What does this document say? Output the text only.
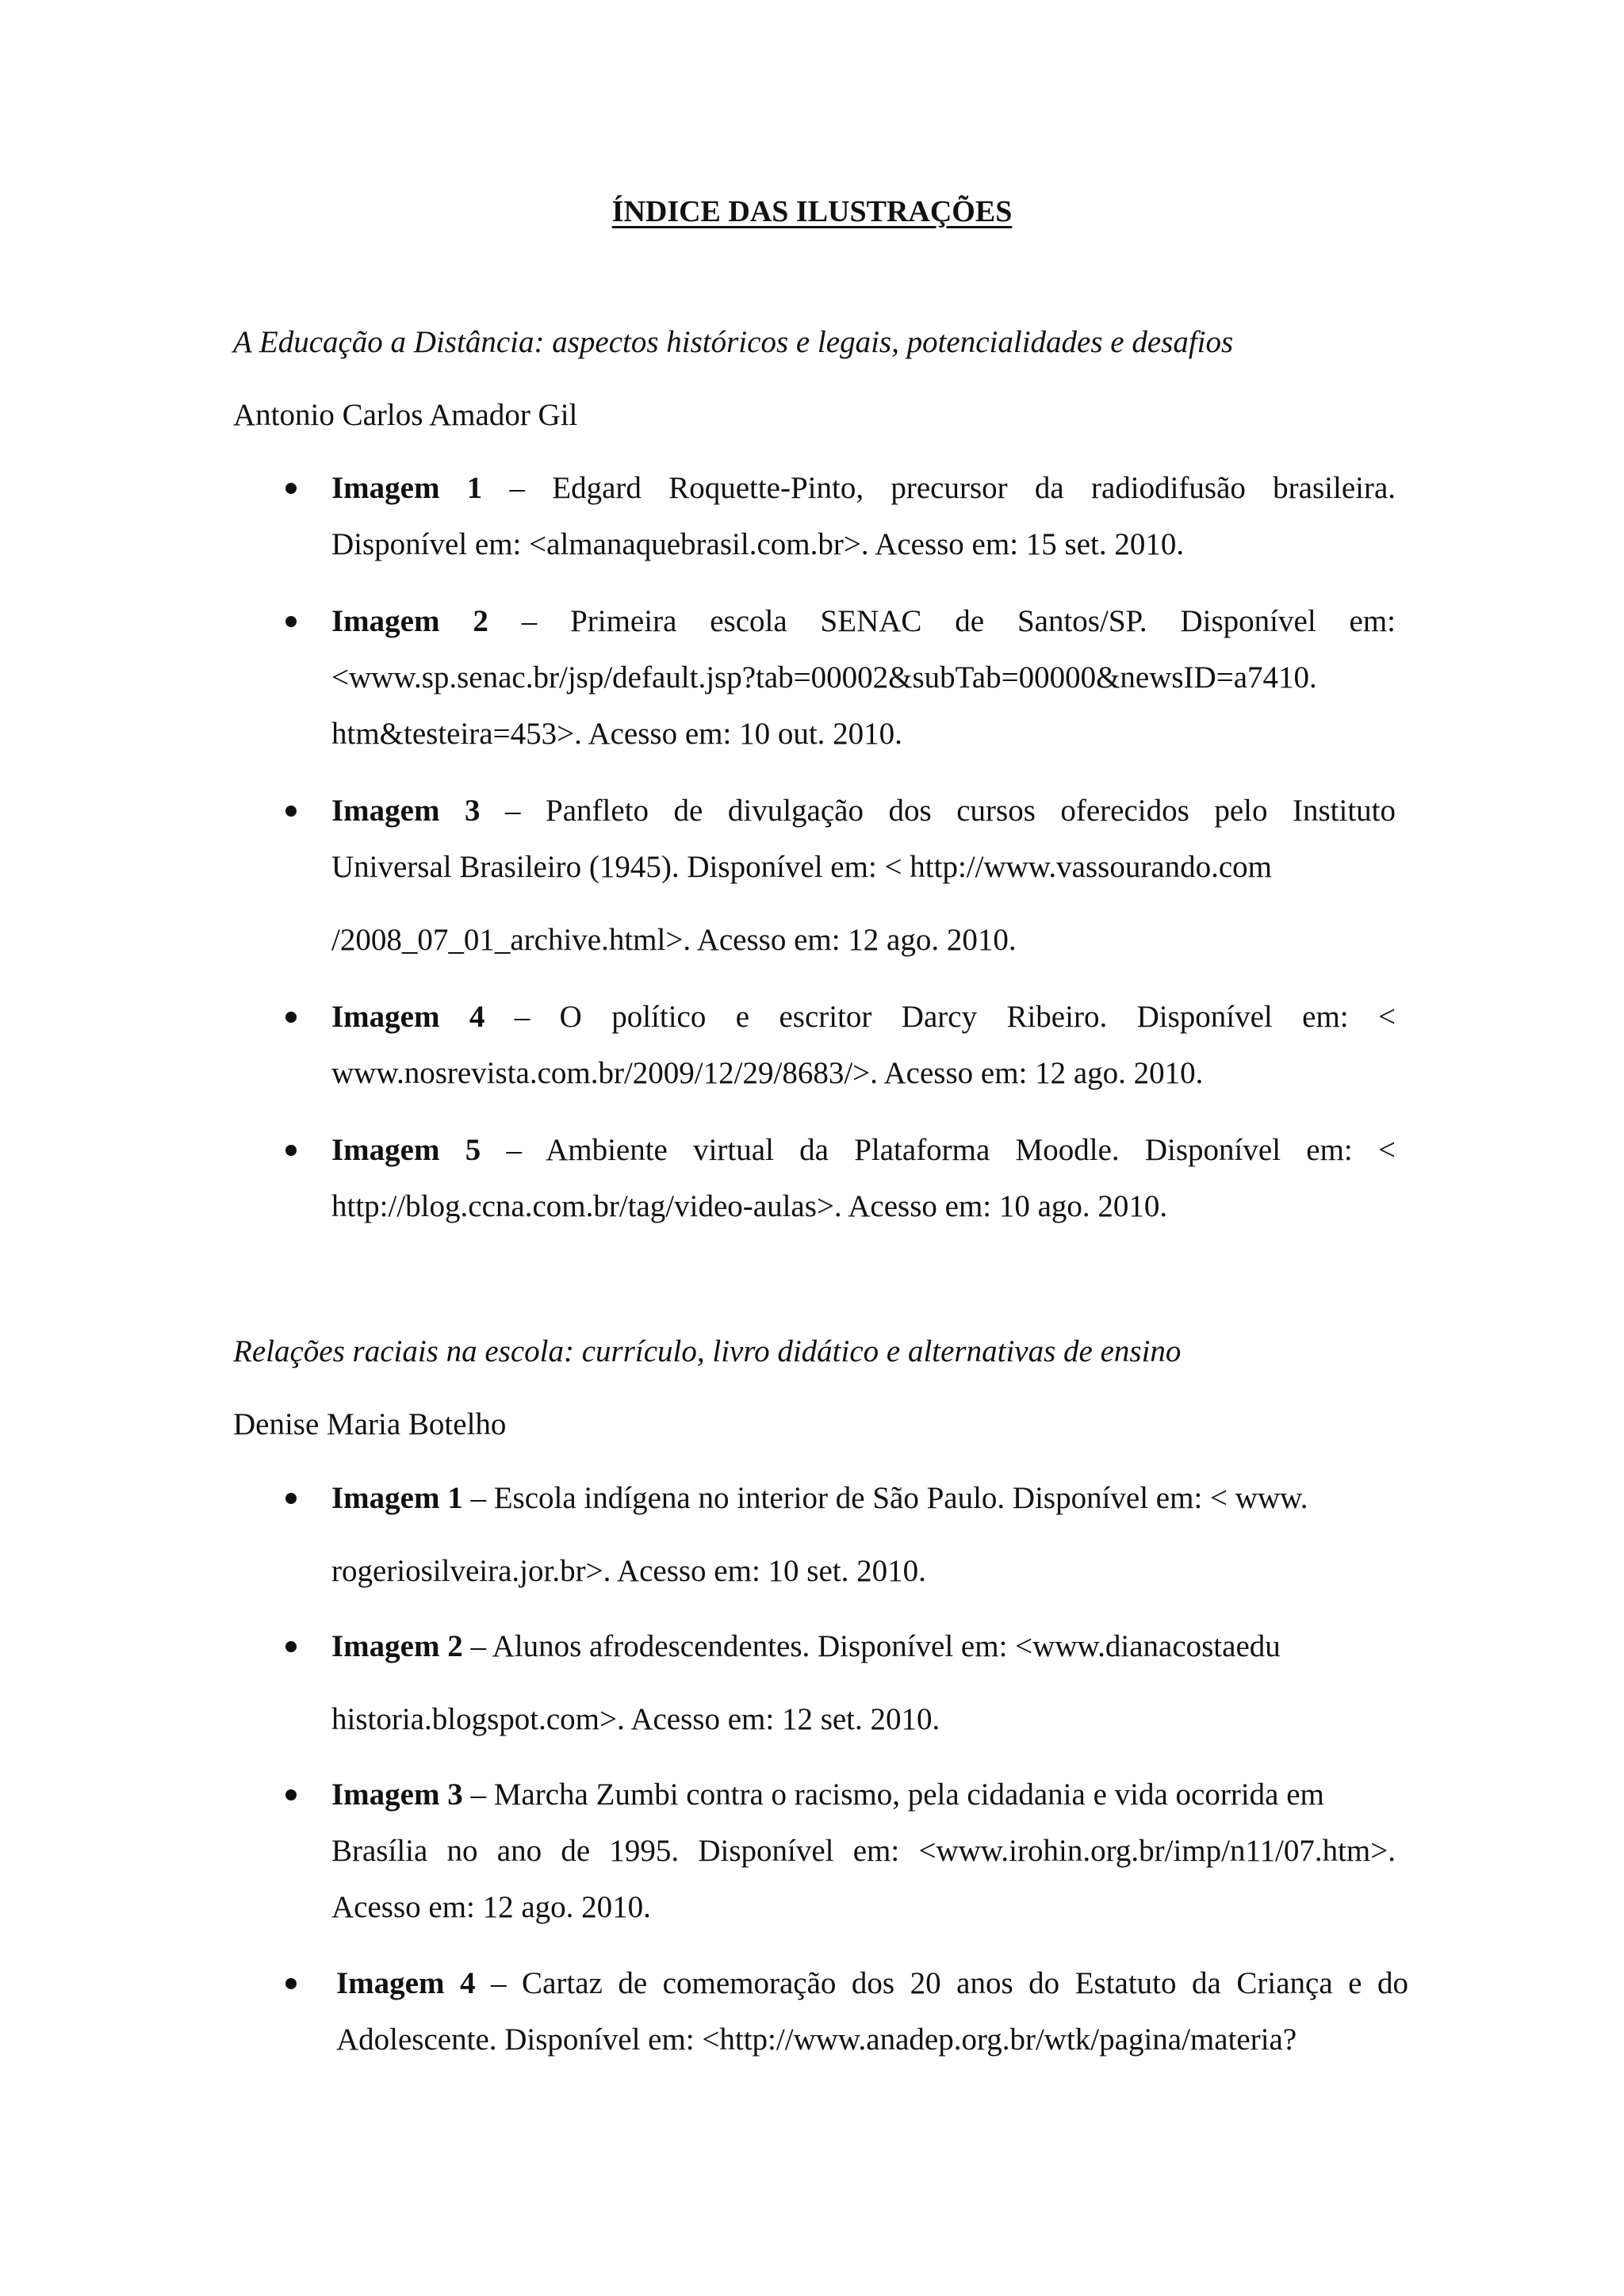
ÍNDICE DAS ILUSTRAÇÕES

A Educação a Distância: aspectos históricos e legais, potencialidades e desafios

Antonio Carlos Amador Gil

Imagem 1 – Edgard Roquette-Pinto, precursor da radiodifusão brasileira.
Disponível em: <almanaquebrasil.com.br>. Acesso em: 15 set. 2010.
Imagem 2 – Primeira escola SENAC de Santos/SP. Disponível em:
<www.sp.senac.br/jsp/default.jsp?tab=00002&subTab=00000&newsID=a7410.
htm&testeira=453>. Acesso em: 10 out. 2010.
Imagem 3 – Panfleto de divulgação dos cursos oferecidos pelo Instituto
Universal Brasileiro (1945). Disponível em: < http://www.vassourando.com
/2008_07_01_archive.html>. Acesso em: 12 ago. 2010.
Imagem 4 – O político e escritor Darcy Ribeiro. Disponível em: <
www.nosrevista.com.br/2009/12/29/8683/>. Acesso em: 12 ago. 2010.
Imagem 5 – Ambiente virtual da Plataforma Moodle. Disponível em: <
http://blog.ccna.com.br/tag/video-aulas>. Acesso em: 10 ago. 2010.

Relações raciais na escola: currículo, livro didático e alternativas de ensino

Denise Maria Botelho

Imagem 1 – Escola indígena no interior de São Paulo. Disponível em: < www.
rogeriosilveira.jor.br>. Acesso em: 10 set. 2010.
Imagem 2 – Alunos afrodescendentes. Disponível em: <www.dianacostaedu
historia.blogspot.com>. Acesso em: 12 set. 2010.
Imagem 3 – Marcha Zumbi contra o racismo, pela cidadania e vida ocorrida em
Brasília no ano de 1995. Disponível em: <www.irohin.org.br/imp/n11/07.htm>.
Acesso em: 12 ago. 2010.
Imagem 4 – Cartaz de comemoração dos 20 anos do Estatuto da Criança e do
Adolescente. Disponível em: <http://www.anadep.org.br/wtk/pagina/materia?
